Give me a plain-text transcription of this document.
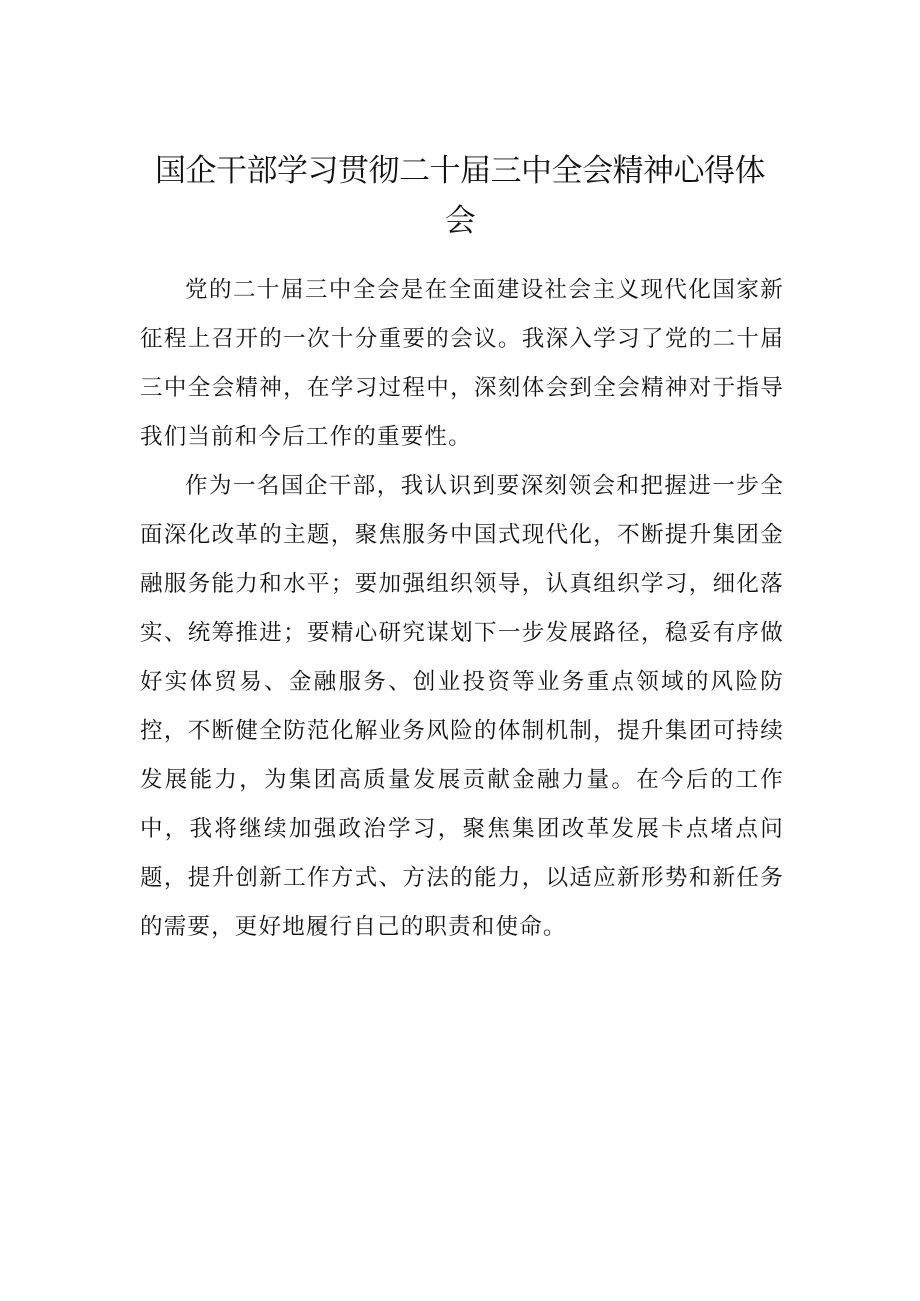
国企干部学习贯彻二十届三中全会精神心得体会

党的二十届三中全会是在全面建设社会主义现代化国家新征程上召开的一次十分重要的会议。我深入学习了党的二十届三中全会精神，在学习过程中，深刻体会到全会精神对于指导我们当前和今后工作的重要性。

作为一名国企干部，我认识到要深刻领会和把握进一步全面深化改革的主题，聚焦服务中国式现代化，不断提升集团金融服务能力和水平；要加强组织领导，认真组织学习，细化落实、统筹推进；要精心研究谋划下一步发展路径，稳妥有序做好实体贸易、金融服务、创业投资等业务重点领域的风险防控，不断健全防范化解业务风险的体制机制，提升集团可持续发展能力，为集团高质量发展贡献金融力量。在今后的工作中，我将继续加强政治学习，聚焦集团改革发展卡点堵点问题，提升创新工作方式、方法的能力，以适应新形势和新任务的需要，更好地履行自己的职责和使命。
